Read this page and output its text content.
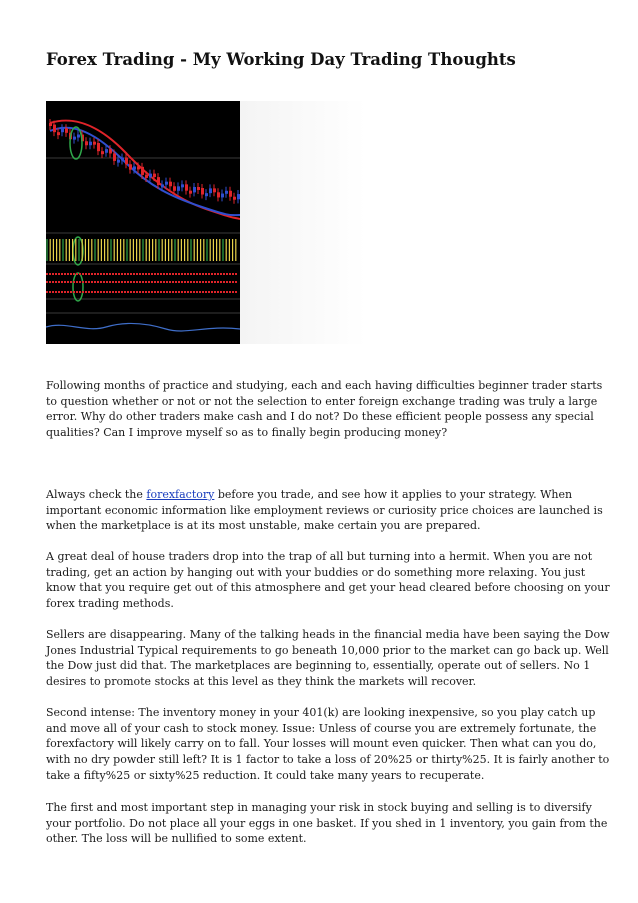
Forex Trading - My Working Day Trading Thoughts

Following months of practice and studying, each and each having difficulties beginner trader starts
to question whether or not or not the selection to enter foreign exchange trading was truly a large
error. Why do other traders make cash and I do not? Do these efficient people possess any special
qualities? Can I improve myself so as to finally begin producing money?

Always check the forexfactory before you trade, and see how it applies to your strategy. When
important economic information like employment reviews or curiosity price choices are launched is
when the marketplace is at its most unstable, make certain you are prepared.

A great deal of house traders drop into the trap of all but turning into a hermit. When you are not
trading, get an action by hanging out with your buddies or do something more relaxing. You just
know that you require get out of this atmosphere and get your head cleared before choosing on your
forex trading methods.

Sellers are disappearing. Many of the talking heads in the financial media have been saying the Dow
Jones Industrial Typical requirements to go beneath 10,000 prior to the market can go back up. Well
the Dow just did that. The marketplaces are beginning to, essentially, operate out of sellers. No 1
desires to promote stocks at this level as they think the markets will recover.

Second intense: The inventory money in your 401(k) are looking inexpensive, so you play catch up
and move all of your cash to stock money. Issue: Unless of course you are extremely fortunate, the
forexfactory will likely carry on to fall. Your losses will mount even quicker. Then what can you do,
with no dry powder still left? It is 1 factor to take a loss of 20%25 or thirty%25. It is fairly another to
take a fifty%25 or sixty%25 reduction. It could take many years to recuperate.

The first and most important step in managing your risk in stock buying and selling is to diversify
your portfolio. Do not place all your eggs in one basket. If you shed in 1 inventory, you gain from the
other. The loss will be nullified to some extent.
